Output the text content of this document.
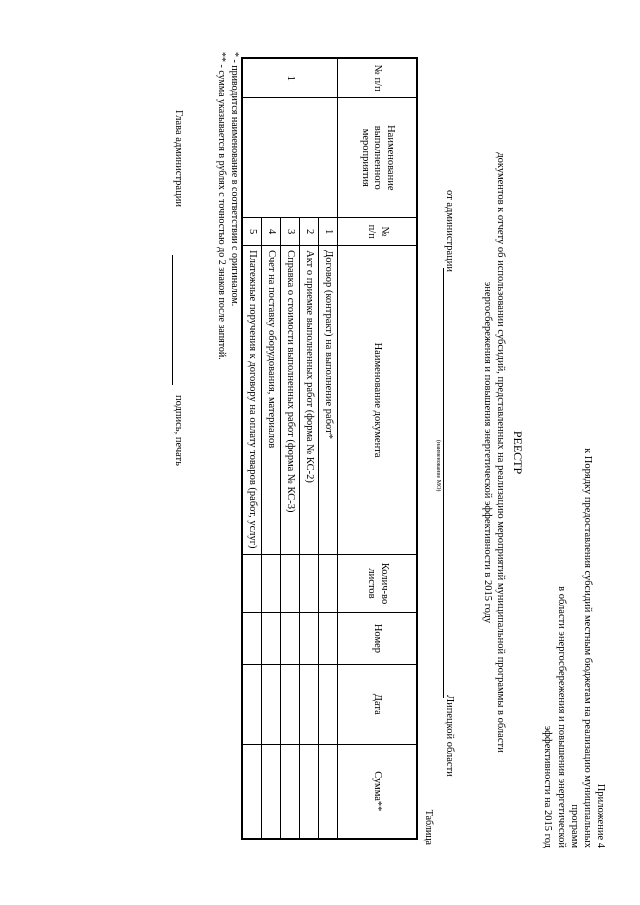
Приложение 4
к Порядку предоставления субсидий местным бюджетам на реализацию муниципальных
программ
в области энергосбережения и повышения энергетической
эффективности на 2015 год
РЕЕСТР
документов к отчету об использовании субсидий, представленных на реализацию мероприятий муниципальной программы в области
энергосбережения и повышения энергетической эффективности в 2015 году
от администрации
(наименование МО)
Липецкой области
Таблица
№ п/п	Наименование выполненного мероприятия	№ п/п	Наименование документа	Колич-во листов	Номер	Дата	Сумма**
1		1	Договор (контракт) на выполнение работ*				
		2	Акт о приемке выполненных работ (форма № КС-2)				
		3	Справка о стоимости выполненных работ (форма № КС-3)				
		4	Счет на поставку оборудования, материалов				
		5	Платежные поручения к договору на оплату товаров (работ, услуг)				
* - приводится наименование в соответствии с оригиналом.
** - сумма указывается в рублях с точностью до 2 знаков после запятой.
Глава администрации
подпись, печать
